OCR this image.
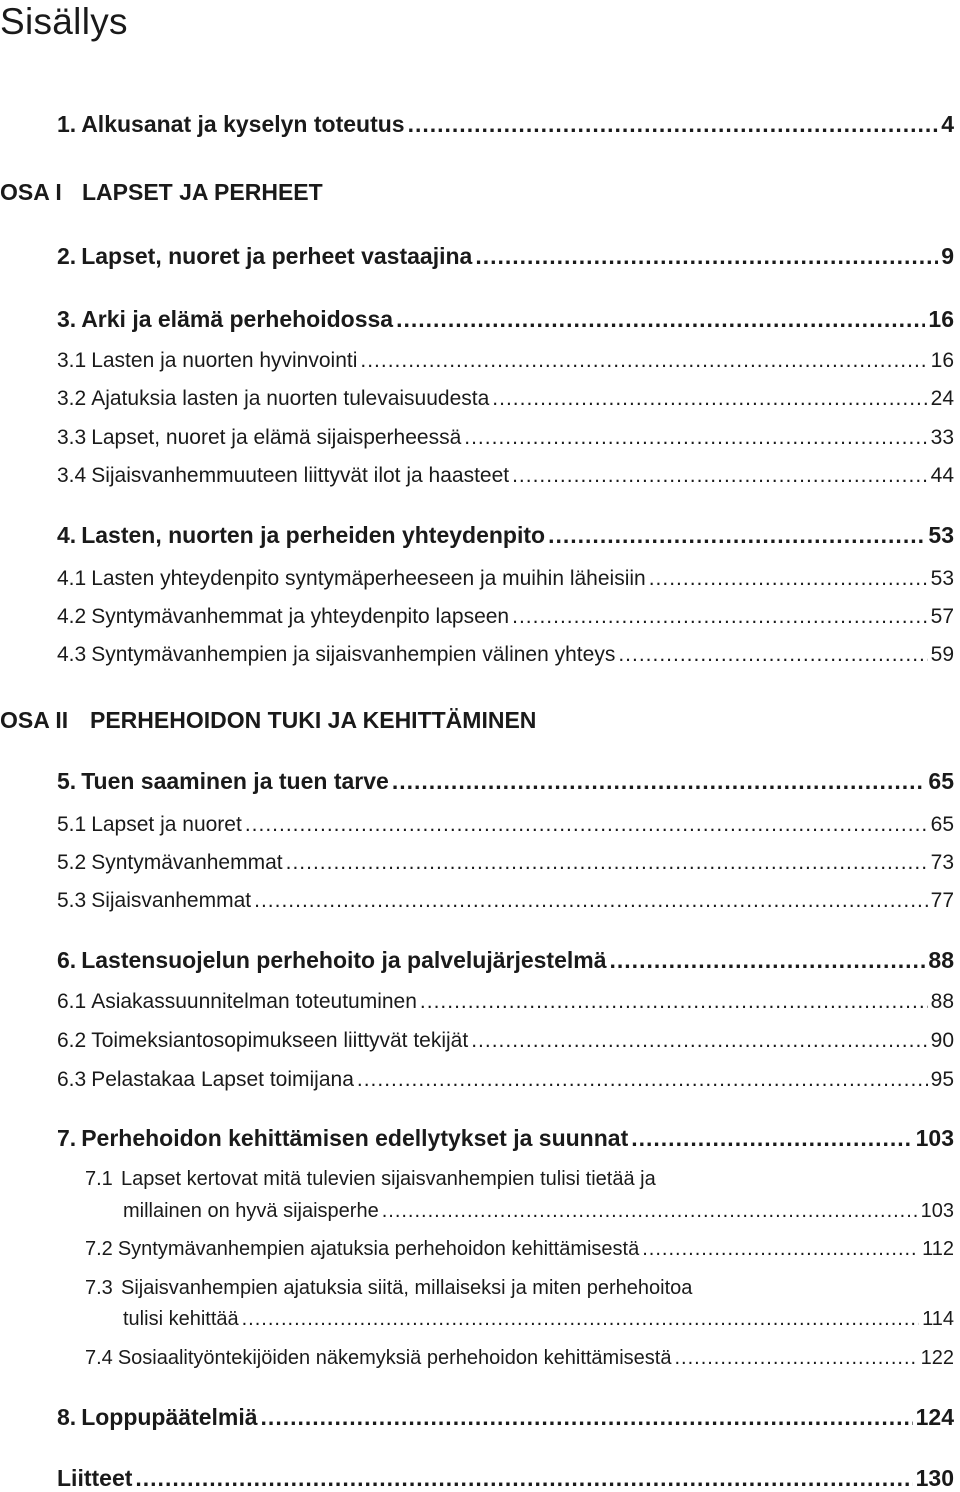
Sisällys
1. Alkusanat ja kyselyn toteutus .....	4
OSA I LAPSET JA PERHEET
2. Lapset, nuoret ja perheet vastaajina .....	9
3. Arki ja elämä perhehoidossa .....	16
3.1 Lasten ja nuorten hyvinvointi .....	16
3.2 Ajatuksia lasten ja nuorten tulevaisuudesta .....	24
3.3 Lapset, nuoret ja elämä sijaisperheessä .....	33
3.4 Sijaisvanhemmuuteen liittyvät ilot ja haasteet .....	44
4. Lasten, nuorten ja perheiden yhteydenpito .....	53
4.1 Lasten yhteydenpito syntymäperheeseen ja muihin läheisiin .....	53
4.2 Syntymävanhemmat ja yhteydenpito lapseen .....	57
4.3 Syntymävanhempien ja sijaisvanhempien välinen yhteys .....	59
OSA II PERHEHOIDON TUKI JA KEHITTÄMINEN
5. Tuen saaminen ja tuen tarve .....	65
5.1 Lapset ja nuoret .....	65
5.2 Syntymävanhemmat .....	73
5.3 Sijaisvanhemmat .....	77
6. Lastensuojelun perhehoito ja palvelujärjestelmä .....	88
6.1 Asiakassuunnitelman toteutuminen .....	88
6.2 Toimeksiantosopimukseen liittyvät tekijät .....	90
6.3 Pelastakaa Lapset toimijana .....	95
7. Perhehoidon kehittämisen edellytykset ja suunnat .....	103
7.1 Lapset kertovat mitä tulevien sijaisvanhempien tulisi tietää ja
millainen on hyvä sijaisperhe .....	103
7.2 Syntymävanhempien ajatuksia perhehoidon kehittämisestä .....	112
7.3 Sijaisvanhempien ajatuksia siitä, millaiseksi ja miten perhehoitoa
tulisi kehittää .....	114
7.4 Sosiaalityöntekijöiden näkemyksiä perhehoidon kehittämisestä .....	122
8. Loppupäätelmiä .....	124
Liitteet .....	130
